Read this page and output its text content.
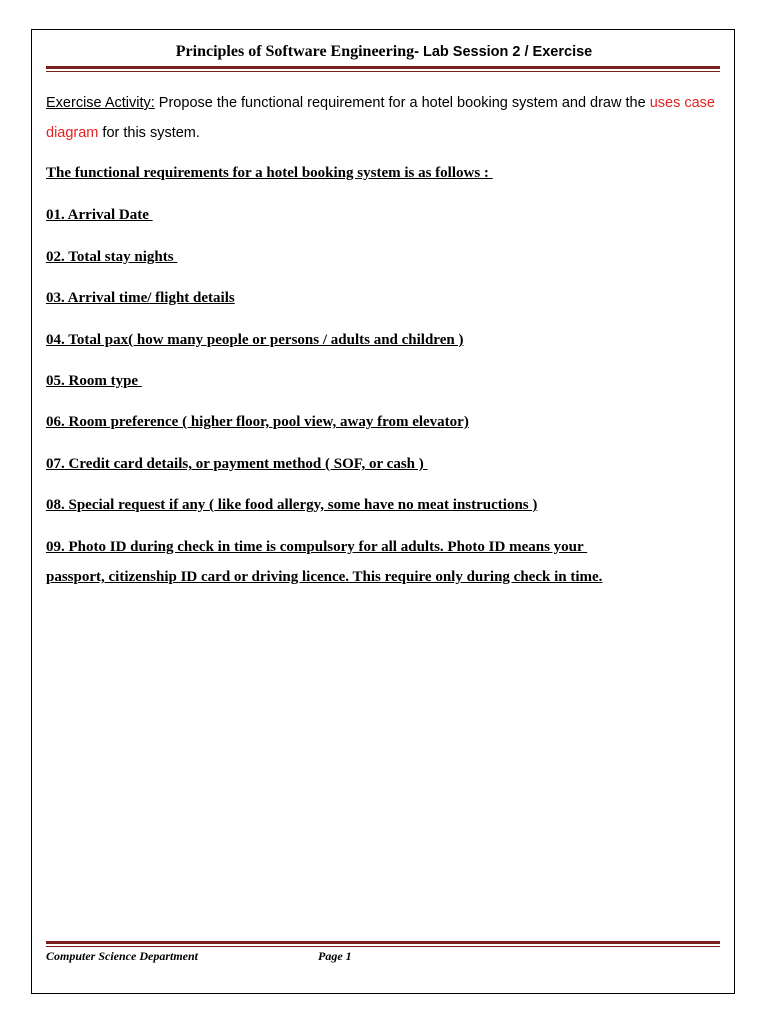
Principles of Software Engineering- Lab Session 2 / Exercise
Exercise Activity: Propose the functional requirement for a hotel booking system and draw the uses case diagram for this system.
The functional requirements for a hotel booking system is as follows :
01. Arrival Date
02. Total stay nights
03. Arrival time/ flight details
04. Total pax( how many people or persons / adults and children )
05. Room type
06. Room preference ( higher floor, pool view, away from elevator)
07. Credit card details, or payment method ( SOF, or cash )
08. Special request if any ( like food allergy, some have no meat instructions )
09. Photo ID during check in time is compulsory for all adults. Photo ID means your
passport, citizenship ID card or driving licence. This require only during check in time.
Computer Science Department	Page 1
